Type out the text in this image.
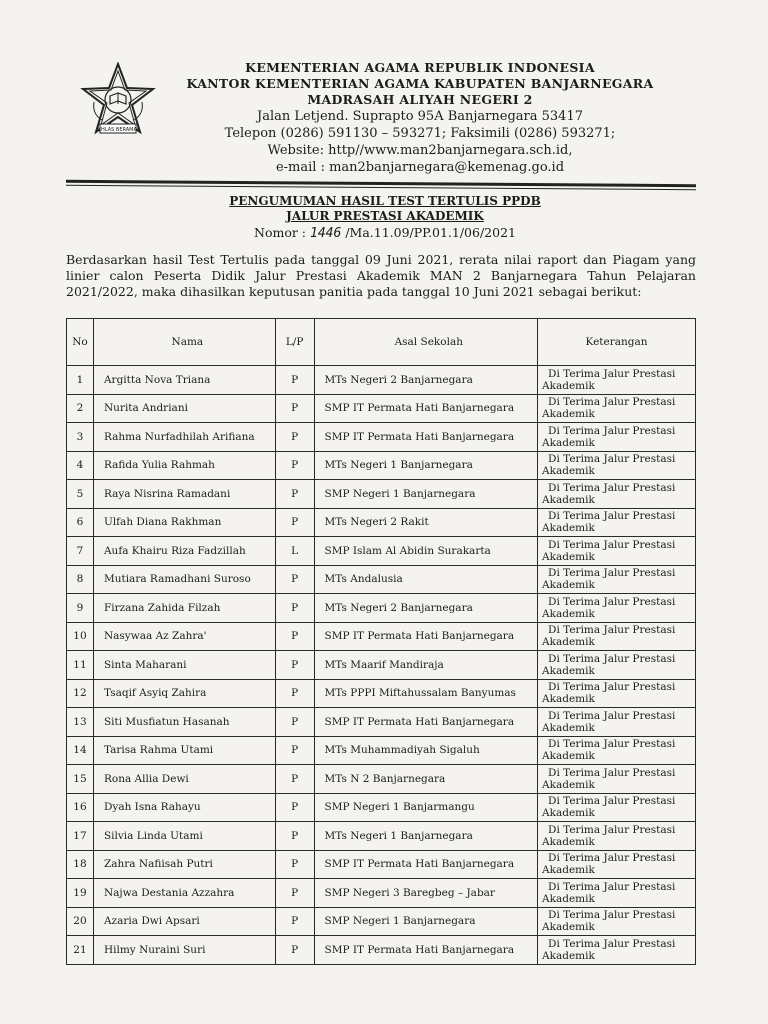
IKHLAS BERAMAL
KEMENTERIAN AGAMA REPUBLIK INDONESIA
KANTOR KEMENTERIAN AGAMA KABUPATEN BANJARNEGARA
MADRASAH ALIYAH NEGERI 2
Jalan Letjend. Suprapto 95A Banjarnegara 53417
Telepon (0286) 591130 – 593271; Faksimili (0286) 593271;
Website: http//www.man2banjarnegara.sch.id,
e-mail : man2banjarnegara@kemenag.go.id
PENGUMUMAN HASIL TEST TERTULIS PPDB
JALUR PRESTASI AKADEMIK
Nomor : 1446 /Ma.11.09/PP.01.1/06/2021
Berdasarkan hasil Test Tertulis pada tanggal 09 Juni 2021, rerata nilai raport dan Piagam yang linier calon Peserta Didik Jalur Prestasi Akademik MAN 2 Banjarnegara Tahun Pelajaran 2021/2022, maka dihasilkan keputusan panitia pada tanggal 10 Juni 2021 sebagai berikut:
No	Nama	L/P	Asal Sekolah	Keterangan
1	Argitta Nova Triana	P	MTs Negeri 2 Banjarnegara	Di Terima Jalur Prestasi
Akademik

2	Nurita Andriani	P	SMP IT Permata Hati Banjarnegara	Di Terima Jalur Prestasi
Akademik

3	Rahma Nurfadhilah Arifiana	P	SMP IT Permata Hati Banjarnegara	Di Terima Jalur Prestasi
Akademik

4	Rafida Yulia Rahmah	P	MTs Negeri 1 Banjarnegara	Di Terima Jalur Prestasi
Akademik

5	Raya Nisrina Ramadani	P	SMP Negeri 1 Banjarnegara	Di Terima Jalur Prestasi
Akademik

6	Ulfah Diana Rakhman	P	MTs Negeri 2 Rakit	Di Terima Jalur Prestasi
Akademik

7	Aufa Khairu Riza Fadzillah	L	SMP Islam Al Abidin Surakarta	Di Terima Jalur Prestasi
Akademik

8	Mutiara Ramadhani Suroso	P	MTs Andalusia	Di Terima Jalur Prestasi
Akademik

9	Firzana Zahida Filzah	P	MTs Negeri 2 Banjarnegara	Di Terima Jalur Prestasi
Akademik

10	Nasywaa Az Zahra'	P	SMP IT Permata Hati Banjarnegara	Di Terima Jalur Prestasi
Akademik

11	Sinta Maharani	P	MTs Maarif Mandiraja	Di Terima Jalur Prestasi
Akademik

12	Tsaqif Asyiq Zahira	P	MTs PPPI Miftahussalam Banyumas	Di Terima Jalur Prestasi
Akademik

13	Siti Musfiatun Hasanah	P	SMP IT Permata Hati Banjarnegara	Di Terima Jalur Prestasi
Akademik

14	Tarisa Rahma Utami	P	MTs Muhammadiyah Sigaluh	Di Terima Jalur Prestasi
Akademik

15	Rona Allia Dewi	P	MTs N 2 Banjarnegara	Di Terima Jalur Prestasi
Akademik

16	Dyah Isna Rahayu	P	SMP Negeri 1 Banjarmangu	Di Terima Jalur Prestasi
Akademik

17	Silvia Linda Utami	P	MTs Negeri 1 Banjarnegara	Di Terima Jalur Prestasi
Akademik

18	Zahra Nafiisah Putri	P	SMP IT Permata Hati Banjarnegara	Di Terima Jalur Prestasi
Akademik

19	Najwa Destania Azzahra	P	SMP Negeri 3 Baregbeg – Jabar	Di Terima Jalur Prestasi
Akademik

20	Azaria Dwi Apsari	P	SMP Negeri 1 Banjarnegara	Di Terima Jalur Prestasi
Akademik

21	Hilmy Nuraini Suri	P	SMP IT Permata Hati Banjarnegara	Di Terima Jalur Prestasi
Akademik
